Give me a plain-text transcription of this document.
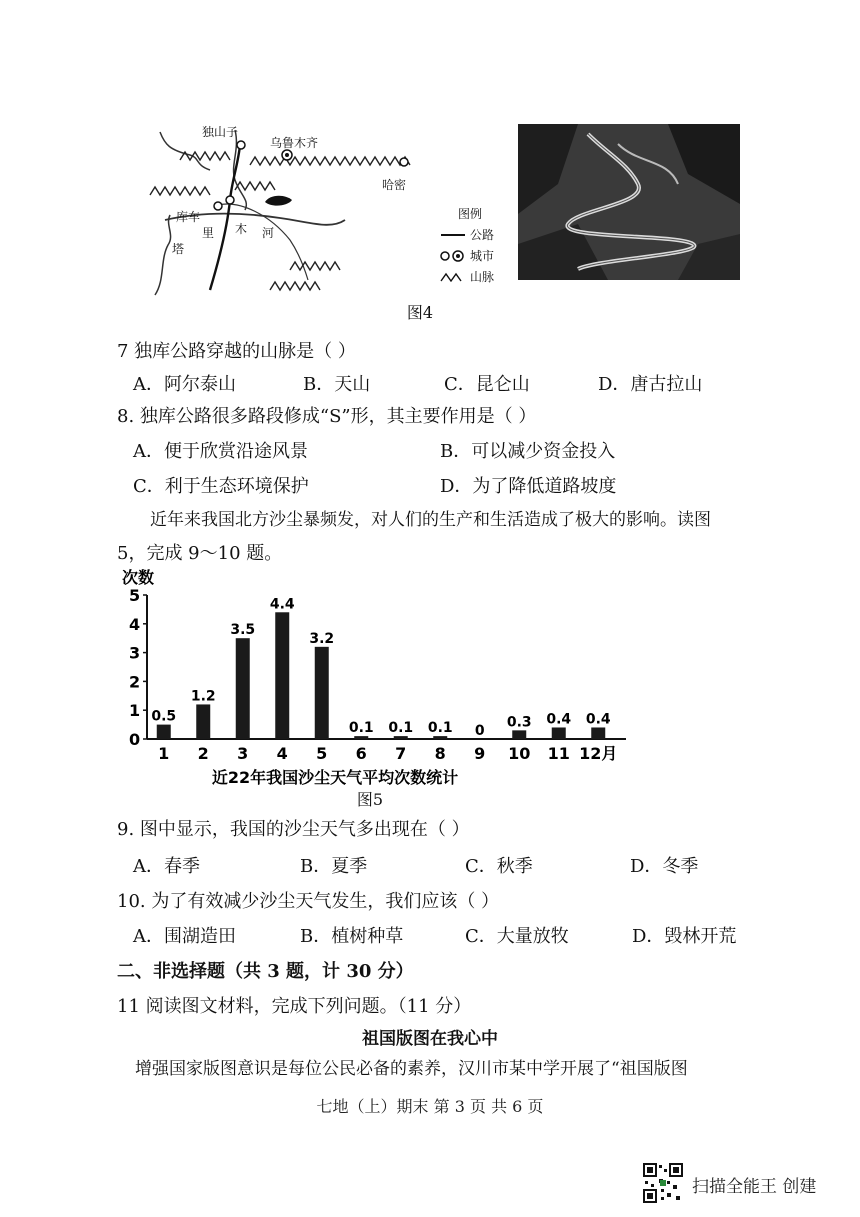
独山子
乌鲁木齐
哈密
库车
塔
里 木 河
图例
公路
城市
山脉
图4
7 独库公路穿越的山脉是（ ）
A．阿尔泰山	B．天山	C．昆仑山	D．唐古拉山
8. 独库公路很多路段修成“S”形，其主要作用是（ ）
A．便于欣赏沿途风景	B．可以减少资金投入
C．利于生态环境保护	D．为了降低道路坡度
近年来我国北方沙尘暴频发，对人们的生产和生活造成了极大的影响。读图
5，完成 9～10 题。
次数
0
1
2
3
4
5
0.5
1
1.2
2
3.5
3
4.4
4
3.2
5
0.1
6
0.1
7
0.1
8
0
9
0.3
10
0.4
11
0.4
12月
近22年我国沙尘天气平均次数统计
图5
9. 图中显示，我国的沙尘天气多出现在（ ）
A．春季	B．夏季	C．秋季	D．冬季
10. 为了有效减少沙尘天气发生，我们应该（ ）
A．围湖造田	B．植树种草	C．大量放牧	D．毁林开荒
二、非选择题（共 3 题，计 30 分）
11 阅读图文材料，完成下列问题。（11 分）
祖国版图在我心中
增强国家版图意识是每位公民必备的素养，汉川市某中学开展了“祖国版图
七地（上）期末 第 3 页 共 6 页
扫描全能王 创建
